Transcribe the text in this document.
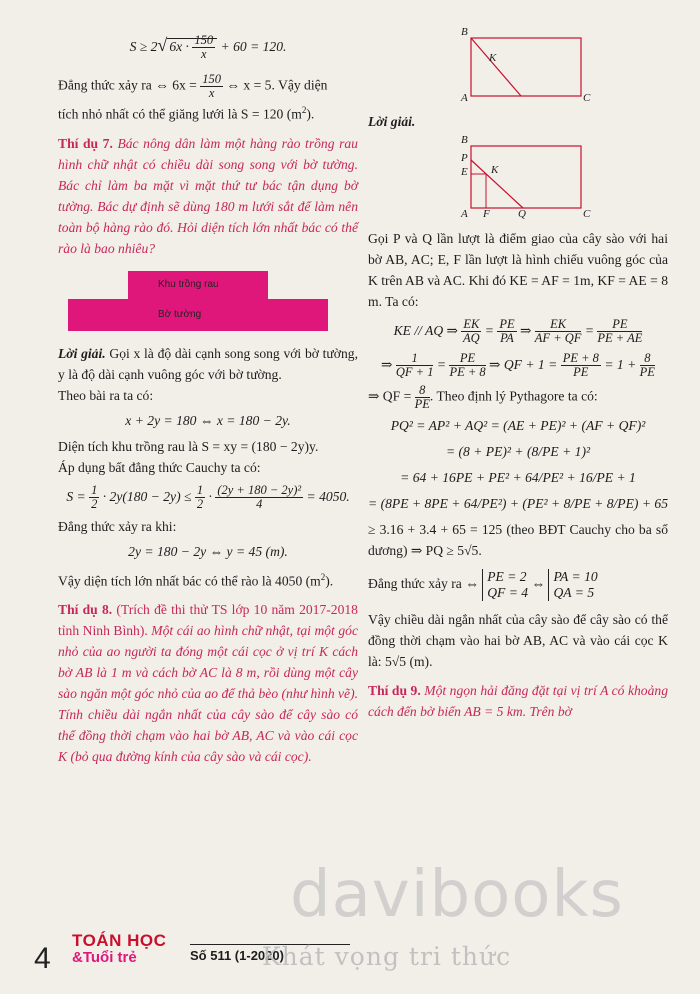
S ≥ 2√ $6x \cdot \frac{150}{x} + 60 = 120$.

Đẳng thức xảy ra ⇔ $6x = \frac{150}{x}$ ⇔ x = 5. Vậy diện
tích nhỏ nhất có thể giăng lưới là S = 120 $(m^2)$.

Thí dụ 7. Bác nông dân làm một hàng rào trồng rau hình chữ nhật có chiều dài song song với bờ tường. Bác chỉ làm ba mặt vì mặt thứ tư bác tận dụng bờ tường. Bác dự định sẽ dùng 180 m lưới sắt để làm nên toàn bộ hàng rào đó. Hỏi diện tích lớn nhất bác có thể rào là bao nhiêu?

Khu trồng rau
Bờ tường

Lời giải. Gọi x là độ dài cạnh song song với bờ tường, y là độ dài cạnh vuông góc với bờ tường.

Theo bài ra ta có:

x + 2y = 180 ⇔ x = 180 − 2y.

Diện tích khu trồng rau là S = xy = (180 − 2y)y.

Áp dụng bất đẳng thức Cauchy ta có:

$S = \frac{1}{2} \cdot 2y(180 - 2y) \le \frac{1}{2} \cdot \frac{\text{(2y + 180 − 2y)²}}{4} = 4050$.

Đẳng thức xảy ra khi:

2y = 180 − 2y ⇔ y = 45 (m).

Vậy diện tích lớn nhất bác có thể rào là 4050 $(m^2)$.

Thí dụ 8. (Trích đề thi thử TS lớp 10 năm 2017-2018 tỉnh Ninh Bình). Một cái ao hình chữ nhật, tại một góc nhỏ của ao người ta đóng một cái cọc ở vị trí K cách bờ AB là 1 m và cách bờ AC là 8 m, rồi dùng một cây sào ngăn một góc nhỏ của ao để thả bèo (như hình vẽ). Tính chiều dài ngắn nhất của cây sào để cây sào có thể đồng thời chạm vào hai bờ AB, AC và vào cái cọc K (bỏ qua đường kính của cây sào và cái cọc).

B
K
A	C

Lời giải.

B
P
E K
A F	Q	C

Gọi P và Q lần lượt là điểm giao của cây sào với hai bờ AB, AC; E, F lần lượt là hình chiếu vuông góc của K trên AB và AC. Khi đó KE = AF = 1m, KF = AE = 8 m. Ta có:

KE // AQ ⇒ $\frac{EK}{AQ} = \frac{PE}{PA}$ ⇒ $\frac{EK}{AF + QF} = \frac{PE}{PE + AE}$
⇒ $\frac{1}{QF + 1} = \frac{PE}{PE + 8}$ ⇒ QF + $1 = \frac{PE + 8}{PE} = 1 + \frac{8}{PE}$

⇒ QF = $\frac{8}{PE}$ . Theo định lý Pythagore ta có:

PQ² = AP² + AQ² = (AE + PE)² + (AF + QF)²
= (8 + PE)² + (8/PE + 1)²
= 64 + 16PE + PE² + 64/PE² + 16/PE + 1
= (8PE + 8PE + 64/PE²) + (PE² + 8/PE + 8/PE) + 65

≥ 3.16 + 3.4 + 65 = 125 (theo BĐT Cauchy cho ba số dương) ⇒ PQ ≥ 5√5.

Đẳng thức xảy ra ⇔ PE = 2
QF = 4 ⇔ PA = 10
QA = 5

Vậy chiều dài ngắn nhất của cây sào để cây sào có thể đồng thời chạm vào hai bờ AB, AC và vào cái cọc K là: 5√5 (m).

Thí dụ 9. Một ngọn hải đăng đặt tại vị trí A có khoảng cách đến bờ biển AB = 5 km. Trên bờ

4
TOÁN HỌC
&Tuổi trẻ	Số 511 (1-2020)
davibooks
Khát vọng tri thức
